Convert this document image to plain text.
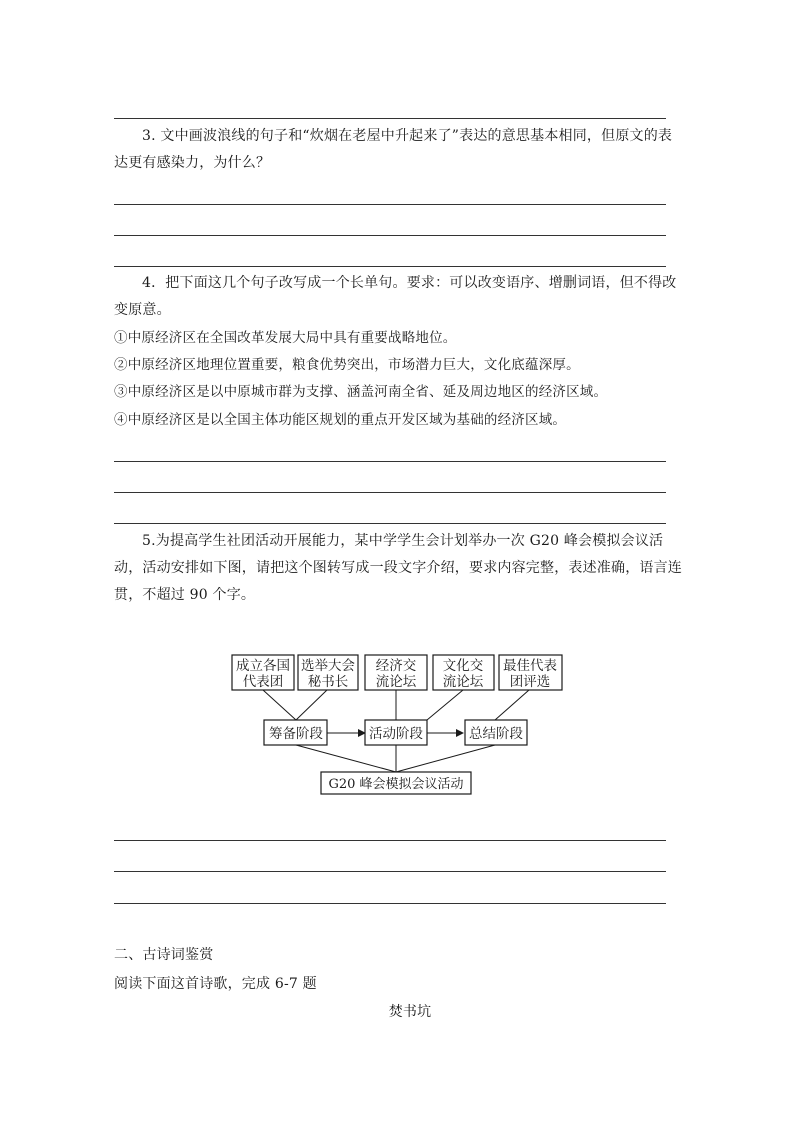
3. 文中画波浪线的句子和“炊烟在老屋中升起来了”表达的意思基本相同，但原文的表达更有感染力，为什么？
4．把下面这几个句子改写成一个长单句。要求：可以改变语序、增删词语，但不得改变原意。
①中原经济区在全国改革发展大局中具有重要战略地位。
②中原经济区地理位置重要，粮食优势突出，市场潜力巨大，文化底蕴深厚。
③中原经济区是以中原城市群为支撑、涵盖河南全省、延及周边地区的经济区域。
④中原经济区是以全国主体功能区规划的重点开发区域为基础的经济区域。
5.为提高学生社团活动开展能力，某中学学生会计划举办一次 G20 峰会模拟会议活动，活动安排如下图，请把这个图转写成一段文字介绍，要求内容完整，表述准确，语言连贯，不超过 90 个字。
成立各国
代表团
选举大会
秘书长
经济交
流论坛
文化交
流论坛
最佳代表
团评选
筹备阶段	活动阶段	总结阶段
G20 峰会模拟会议活动
二、古诗词鉴赏
阅读下面这首诗歌，完成 6-7 题
焚书坑
